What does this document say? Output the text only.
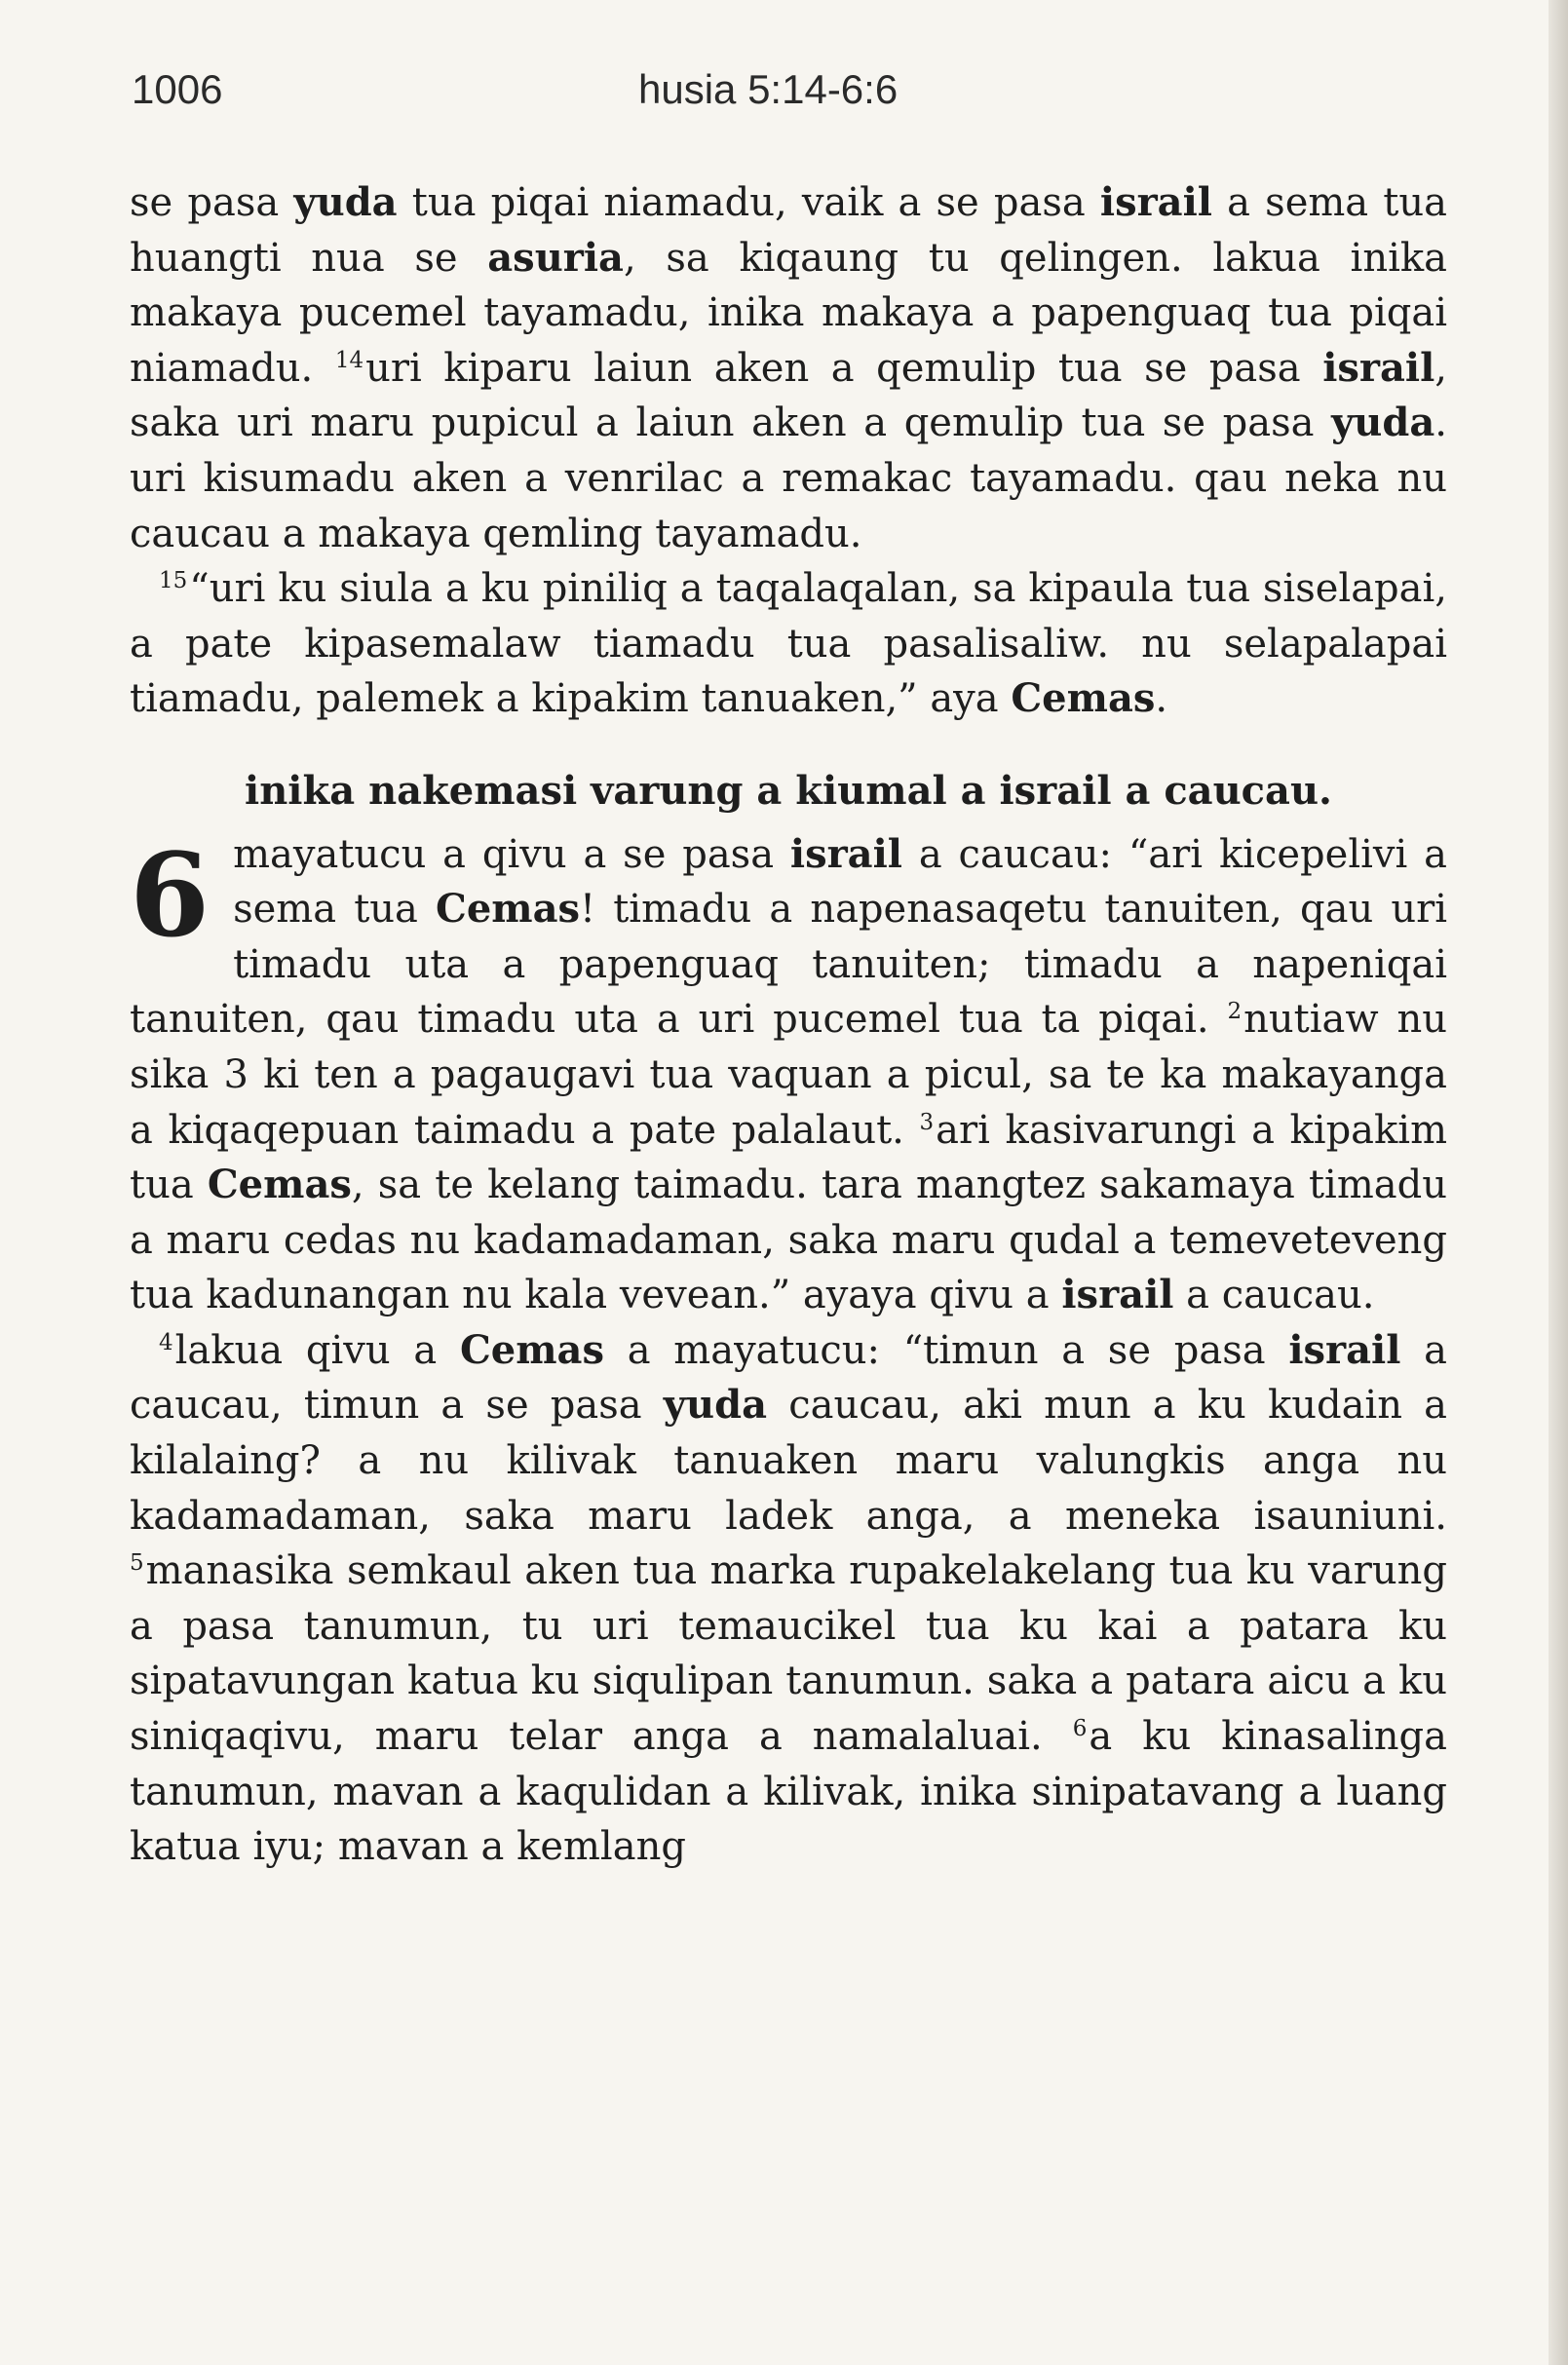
1006	husia 5:14-6:6

se pasa yuda tua piqai niamadu, vaik a se pasa israil a sema tua huangti nua se asuria, sa kiqaung tu qelingen. lakua inika makaya pucemel tayamadu, inika makaya a papenguaq tua piqai niamadu. $^{14}$uri kiparu laiun aken a qemulip tua se pasa israil, saka uri maru pupicul a laiun aken a qemulip tua se pasa yuda. uri kisumadu aken a venrilac a remakac tayamadu. qau neka nu caucau a makaya qemling tayamadu.

$^{15}$“uri ku siula a ku piniliq a taqalaqalan, sa kipaula tua siselapai, a pate kipasemalaw tiamadu tua pasalisaliw. nu selapalapai tiamadu, palemek a kipakim tanuaken,” aya Cemas.

inika nakemasi varung a kiumal a israil a caucau.

6 mayatucu a qivu a se pasa israil a caucau: “ari kicepelivi a sema tua Cemas! timadu a napenasaqetu tanuiten, qau uri timadu uta a papenguaq tanuiten; timadu a napeniqai tanuiten, qau timadu uta a uri pucemel tua ta piqai. $^2$nutiaw nu sika 3 ki ten a pagaugavi tua vaquan a picul, sa te ka makayanga a kiqaqepuan taimadu a pate palalaut. $^3$ari kasivarungi a kipakim tua Cemas, sa te kelang taimadu. tara mangtez sakamaya timadu a maru cedas nu kadamadaman, saka maru qudal a temeveteveng tua kadunangan nu kala vevean.” ayaya qivu a israil a caucau.

$^4$lakua qivu a Cemas a mayatucu: “timun a se pasa israil a caucau, timun a se pasa yuda caucau, aki mun a ku kudain a kilalaing? a nu kilivak tanuaken maru valungkis anga nu kadamadaman, saka maru ladek anga, a meneka isauniuni. $^5$manasika semkaul aken tua marka rupakelakelang tua ku varung a pasa tanumun, tu uri temaucikel tua ku kai a patara ku sipatavungan katua ku siqulipan tanumun. saka a patara aicu a ku siniqaqivu, maru telar anga a namalaluai. $^6$a ku kinasalinga tanumun, mavan a kaqulidan a kilivak, inika sinipatavang a luang katua iyu; mavan a kemlang
